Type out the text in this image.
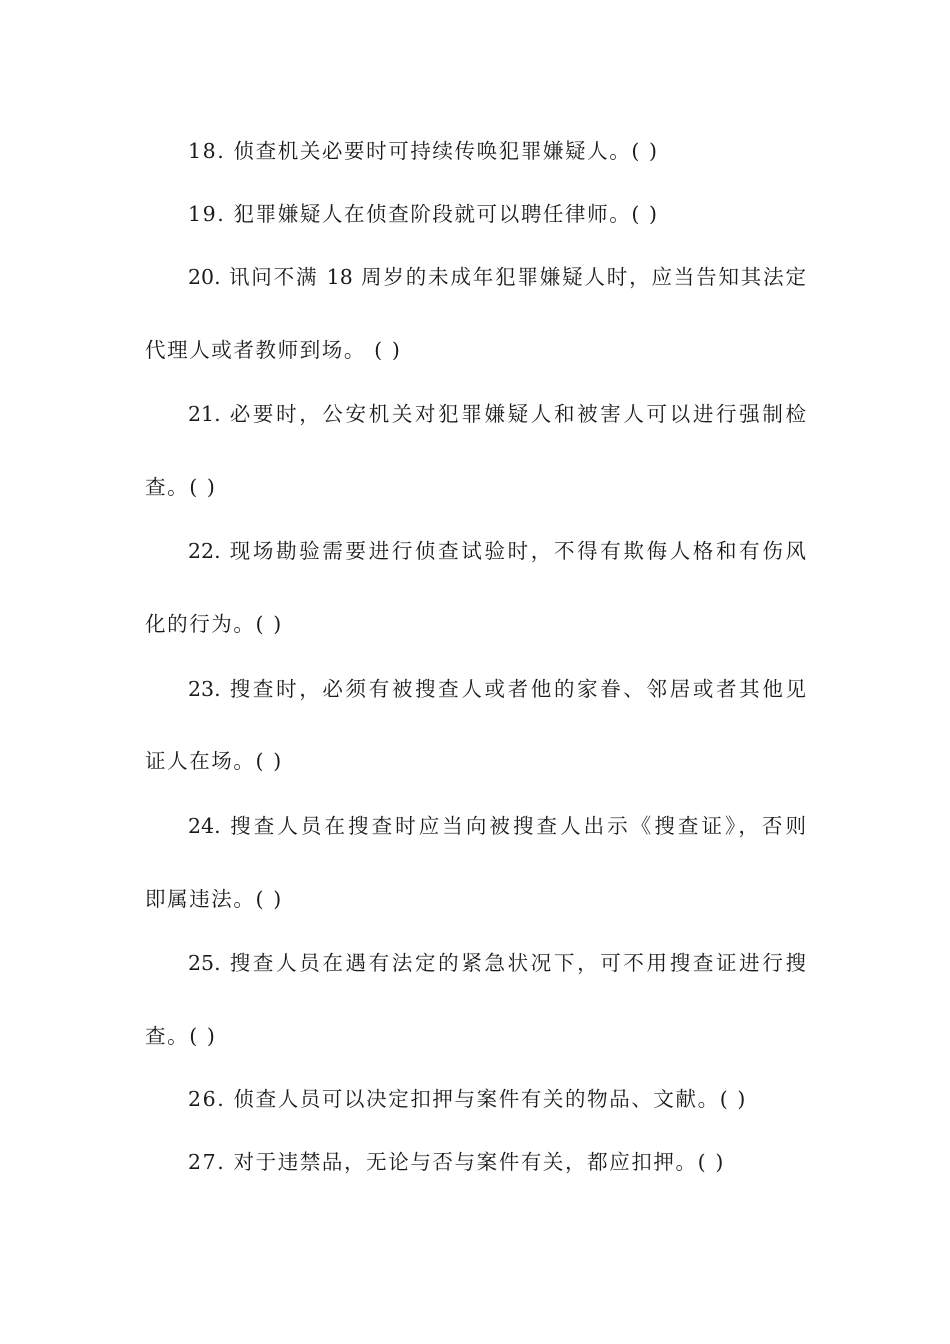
18. 侦查机关必要时可持续传唤犯罪嫌疑人。( )
19. 犯罪嫌疑人在侦查阶段就可以聘任律师。( )
20. 讯问不满 18 周岁的未成年犯罪嫌疑人时，应当告知其法定
代理人或者教师到场。 ( )
21. 必要时，公安机关对犯罪嫌疑人和被害人可以进行强制检
查。( )
22. 现场勘验需要进行侦查试验时，不得有欺侮人格和有伤风
化的行为。( )
23. 搜查时，必须有被搜查人或者他的家眷、邻居或者其他见
证人在场。( )
24. 搜查人员在搜查时应当向被搜查人出示《搜查证》，否则
即属违法。( )
25. 搜查人员在遇有法定的紧急状况下，可不用搜查证进行搜
查。( )
26. 侦查人员可以决定扣押与案件有关的物品、文献。( )
27. 对于违禁品，无论与否与案件有关，都应扣押。( )
